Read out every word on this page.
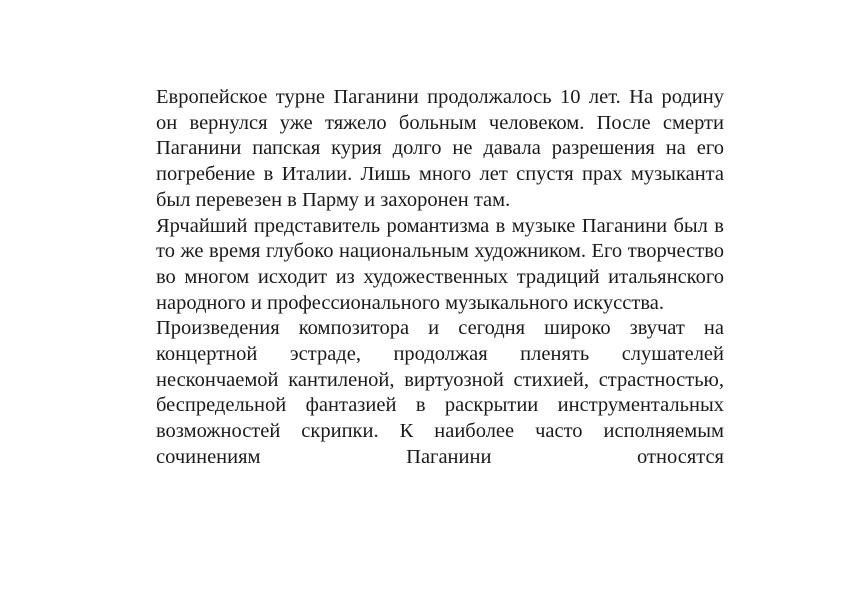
Европейское турне Паганини продолжалось 10 лет. На родину он вернулся уже тяжело больным человеком. После смерти Паганини папская курия долго не давала разрешения на его погребение в Италии. Лишь много лет спустя прах музыканта был перевезен в Парму и захоронен там.

Ярчайший представитель романтизма в музыке Паганини был в то же время глубоко национальным художником. Его творчество во многом исходит из художественных традиций итальянского народного и профессионального музыкального искусства.

Произведения композитора и сегодня широко звучат на концертной эстраде, продолжая пленять слушателей нескончаемой кантиленой, виртуозной стихией, страстностью, беспредельной фантазией в раскрытии инструментальных возможностей скрипки. К наиболее часто исполняемым сочинениям Паганини относятся
